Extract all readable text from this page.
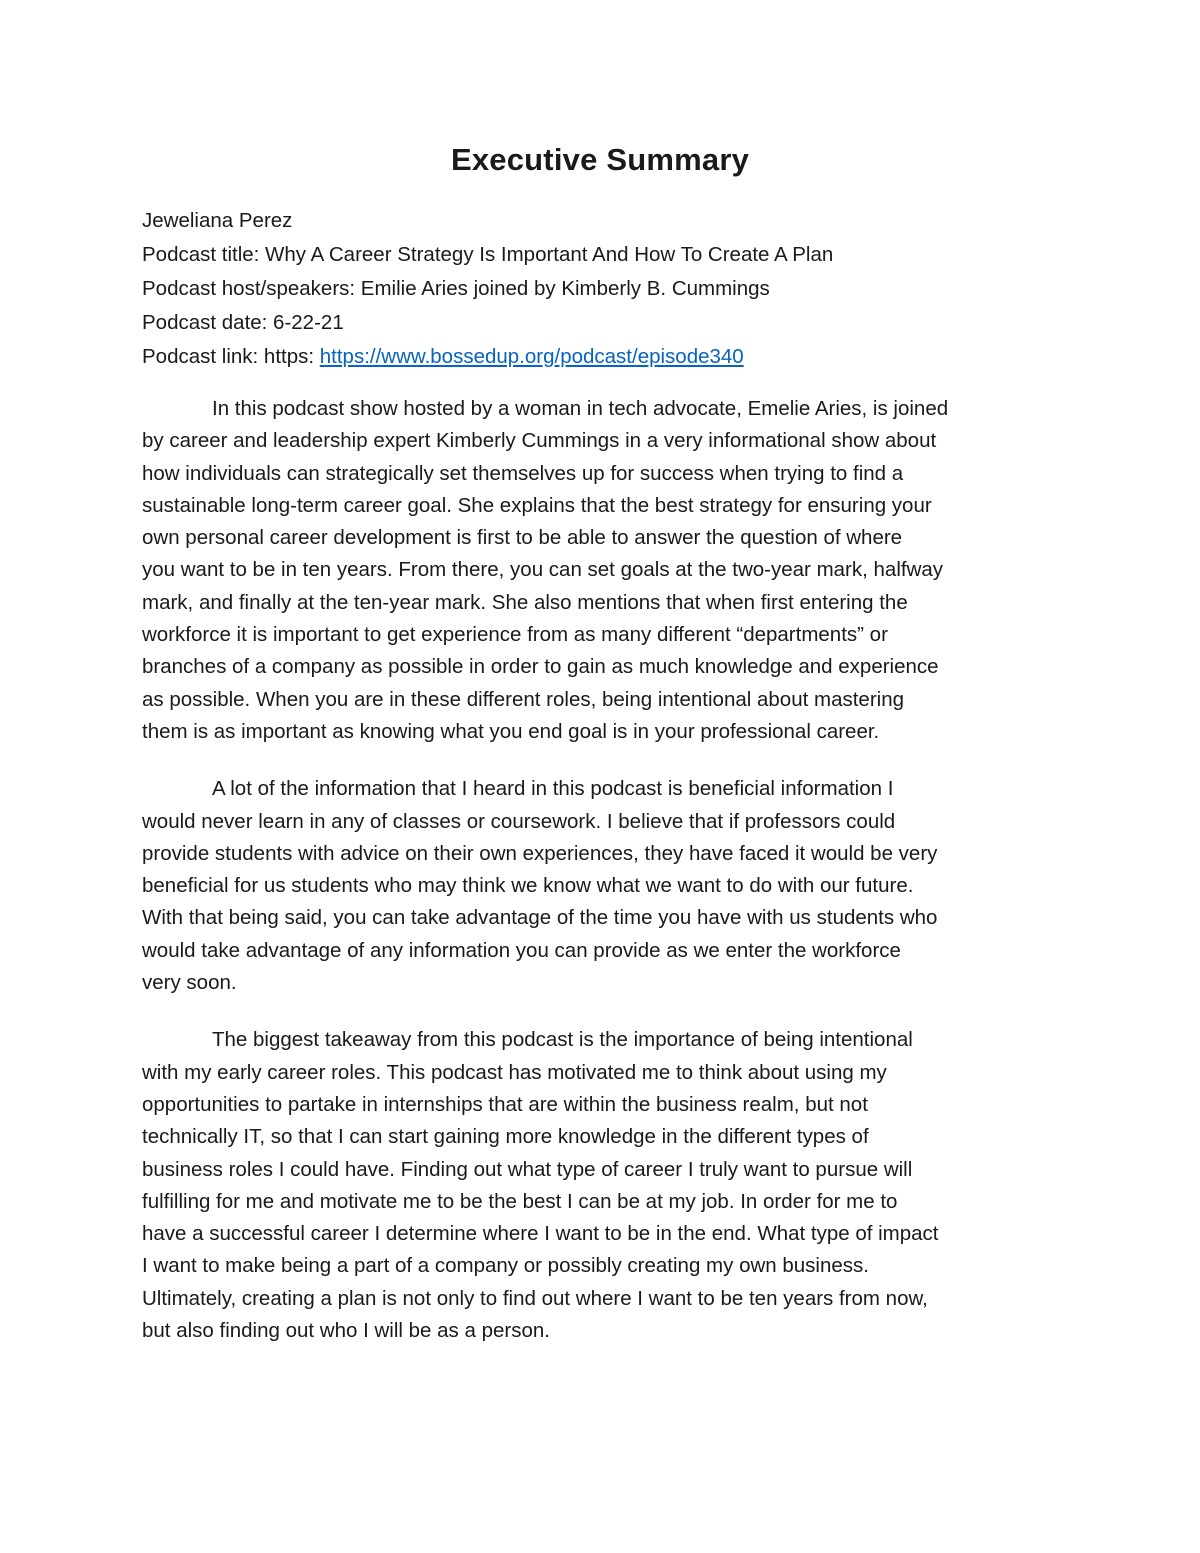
Executive Summary
Jeweliana Perez
Podcast title: Why A Career Strategy Is Important And How To Create A Plan
Podcast host/speakers: Emilie Aries joined by Kimberly B. Cummings
Podcast date: 6-22-21
Podcast link: https: https://www.bossedup.org/podcast/episode340
In this podcast show hosted by a woman in tech advocate, Emelie Aries, is joined
by career and leadership expert Kimberly Cummings in a very informational show about
how individuals can strategically set themselves up for success when trying to find a
sustainable long-term career goal. She explains that the best strategy for ensuring your
own personal career development is first to be able to answer the question of where
you want to be in ten years. From there, you can set goals at the two-year mark, halfway
mark, and finally at the ten-year mark. She also mentions that when first entering the
workforce it is important to get experience from as many different “departments” or
branches of a company as possible in order to gain as much knowledge and experience
as possible. When you are in these different roles, being intentional about mastering
them is as important as knowing what you end goal is in your professional career.
A lot of the information that I heard in this podcast is beneficial information I
would never learn in any of classes or coursework. I believe that if professors could
provide students with advice on their own experiences, they have faced it would be very
beneficial for us students who may think we know what we want to do with our future.
With that being said, you can take advantage of the time you have with us students who
would take advantage of any information you can provide as we enter the workforce
very soon.
The biggest takeaway from this podcast is the importance of being intentional
with my early career roles. This podcast has motivated me to think about using my
opportunities to partake in internships that are within the business realm, but not
technically IT, so that I can start gaining more knowledge in the different types of
business roles I could have. Finding out what type of career I truly want to pursue will
fulfilling for me and motivate me to be the best I can be at my job. In order for me to
have a successful career I determine where I want to be in the end. What type of impact
I want to make being a part of a company or possibly creating my own business.
Ultimately, creating a plan is not only to find out where I want to be ten years from now,
but also finding out who I will be as a person.
